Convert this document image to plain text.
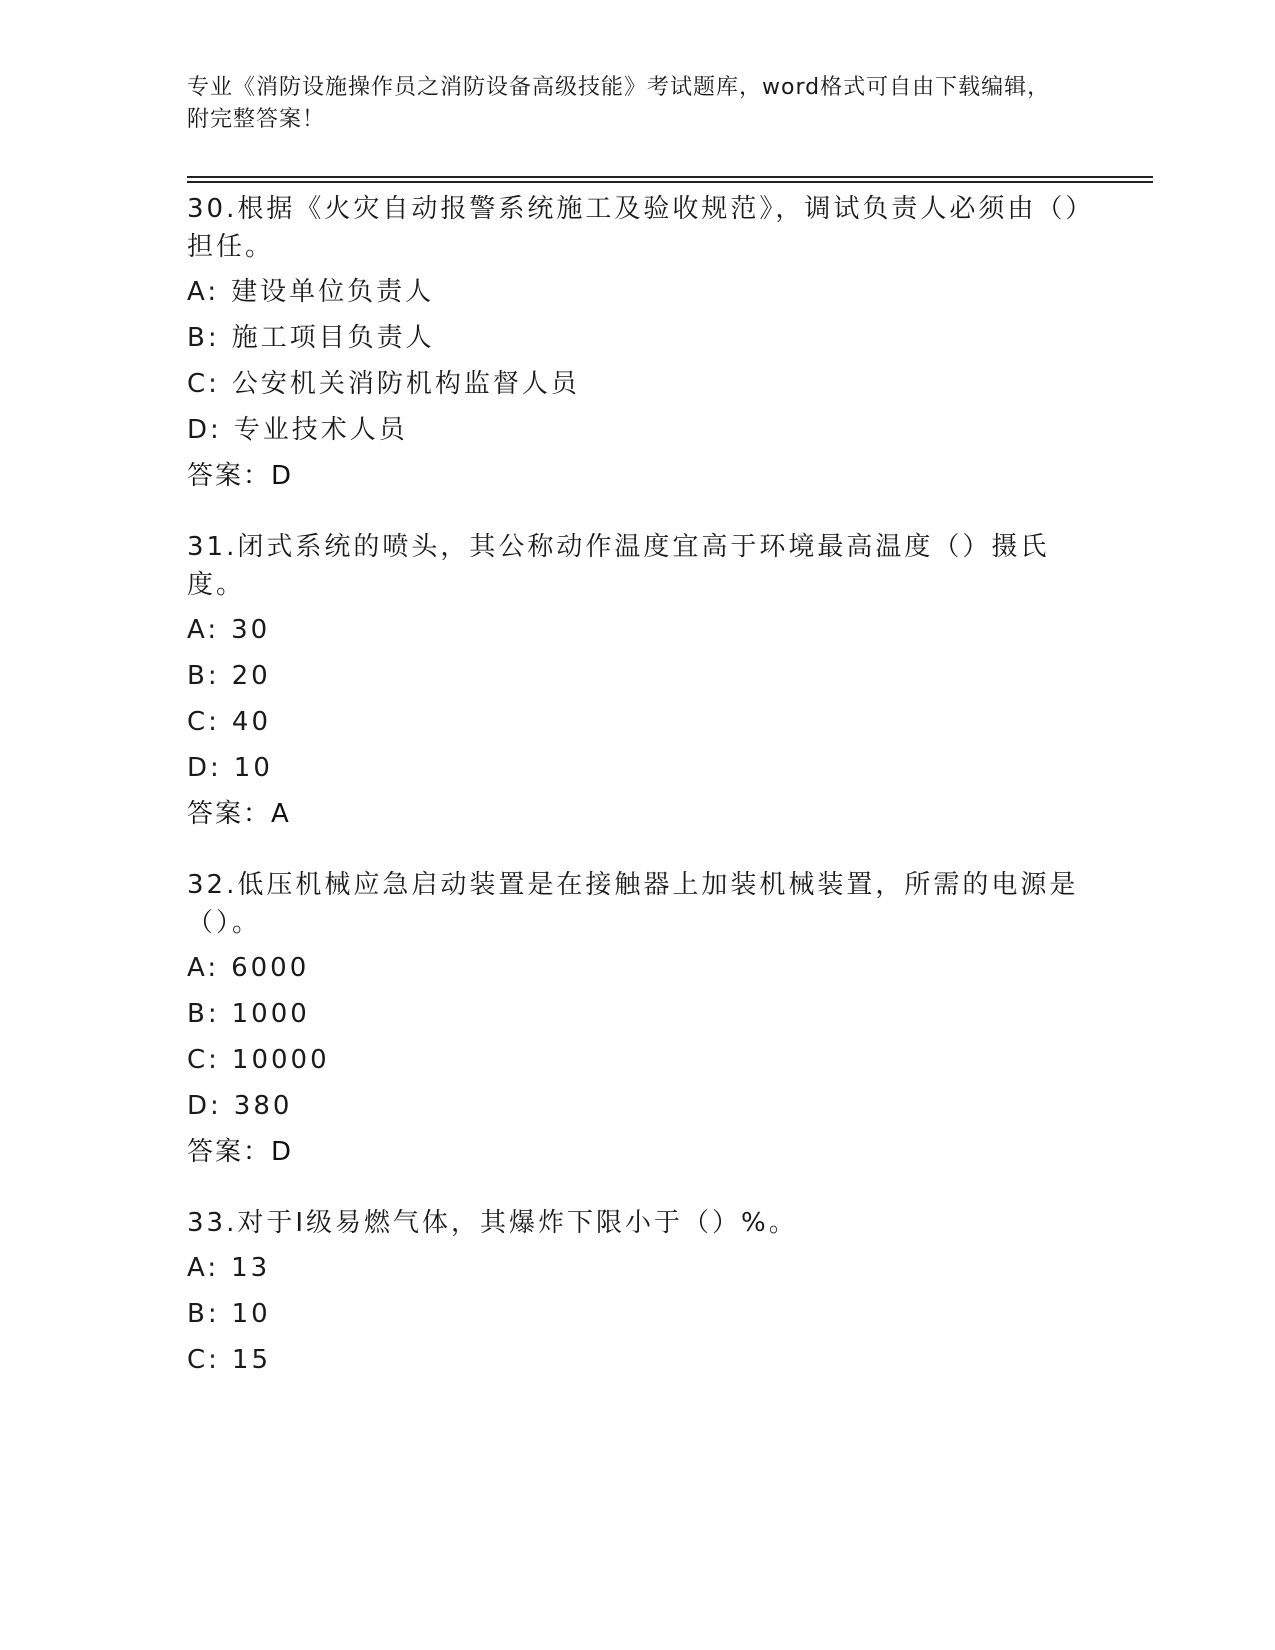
专业《消防设施操作员之消防设备高级技能》考试题库，word格式可自由下载编辑，附完整答案！

30.根据《火灾自动报警系统施工及验收规范》，调试负责人必须由（）担任。

A: 建设单位负责人
B: 施工项目负责人
C: 公安机关消防机构监督人员
D: 专业技术人员
答案：D

31.闭式系统的喷头，其公称动作温度宜高于环境最高温度（）摄氏度。

A: 30
B: 20
C: 40
D: 10
答案：A

32.低压机械应急启动装置是在接触器上加装机械装置，所需的电源是（）。

A: 6000
B: 1000
C: 10000
D: 380
答案：D

33.对于Ⅰ级易燃气体，其爆炸下限小于（）%。

A: 13
B: 10
C: 15
